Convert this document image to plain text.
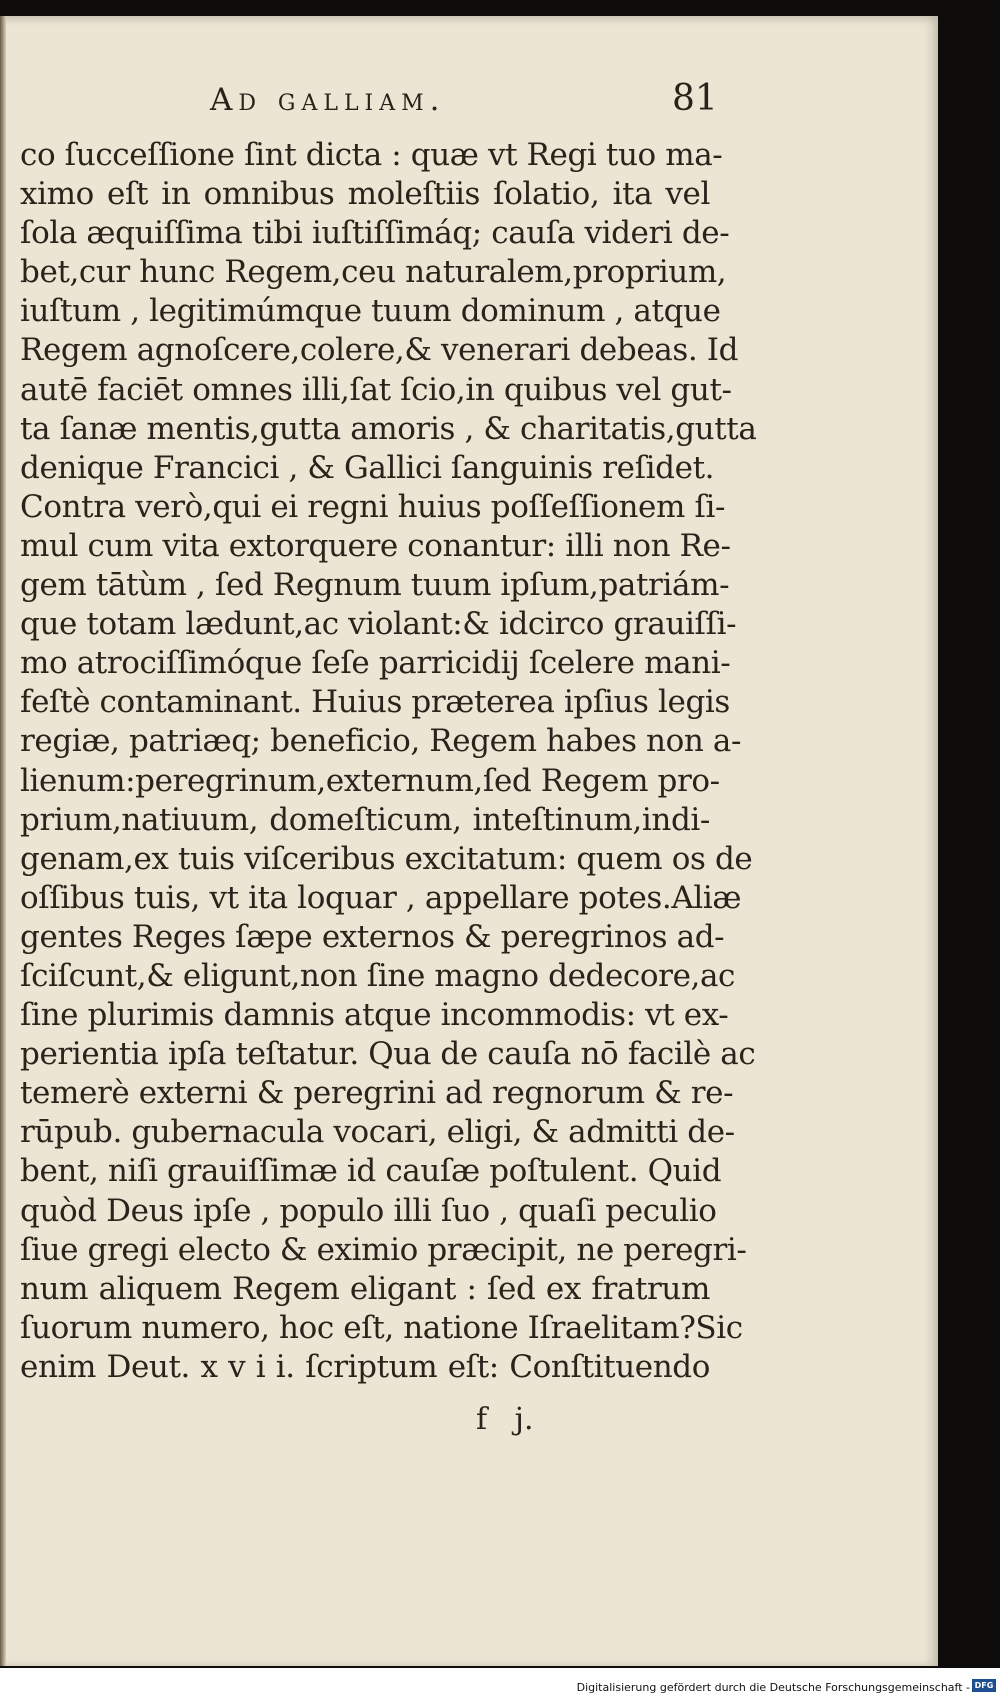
Ad galliam.	81
co ſucceſſione ſint dicta : quæ vt Regi tuo ma-
ximo eſt in omnibus moleſtiis ſolatio, ita vel
ſola æquiſſima tibi iuſtiſſimáq; cauſa videri de-
bet,cur hunc Regem,ceu naturalem,proprium,
iuſtum , legitimúmque tuum dominum , atque
Regem agnoſcere,colere,& venerari debeas. Id
autē faciēt omnes illi,ſat ſcio,in quibus vel gut-
ta ſanæ mentis,gutta amoris , & charitatis,gutta
denique Francici , & Gallici ſanguinis reſidet.
Contra verò,qui ei regni huius poſſeſſionem ſi-
mul cum vita extorquere conantur: illi non Re-
gem tātùm , ſed Regnum tuum ipſum,patriám-
que totam lædunt,ac violant:& idcirco grauiſſi-
mo atrociſſimóque ſeſe parricidij ſcelere mani-
feſtè contaminant. Huius prætereа ipſius legis
regiæ, patriæq; beneficio, Regem habes non a-
lienum:peregrinum,externum,ſed Regem pro-
prium,natiuum, domeſticum, inteſtinum,indi-
genam,ex tuis viſceribus excitatum: quem os de
oſſibus tuis, vt ita loquar , appellare potes.Aliæ
gentes Reges ſæpe externos & peregrinos ad-
ſciſcunt,& eligunt,non ſine magno dedecore,ac
ſine plurimis damnis atque incommodis: vt ex-
perientia ipſa teſtatur. Qua de cauſa nō facilè ac
temerè externi & peregrini ad regnorum & re-
rūpub. gubernacula vocari, eligi, & admitti de-
bent, niſi grauiſſimæ id cauſæ poſtulent. Quid
quòd Deus ipſe , populo illi ſuo , quaſi peculio
ſiue gregi electo & eximio præcipit, ne peregri-
num aliquem Regem eligant : ſed ex fratrum
ſuorum numero, hoc eſt, natione Iſraelitam?Sic
enim Deut. x v i i. ſcriptum eſt: Conſtituendo
f j.
Digitalisierung gefördert durch die Deutsche Forschungsgemeinschaft - DFG
